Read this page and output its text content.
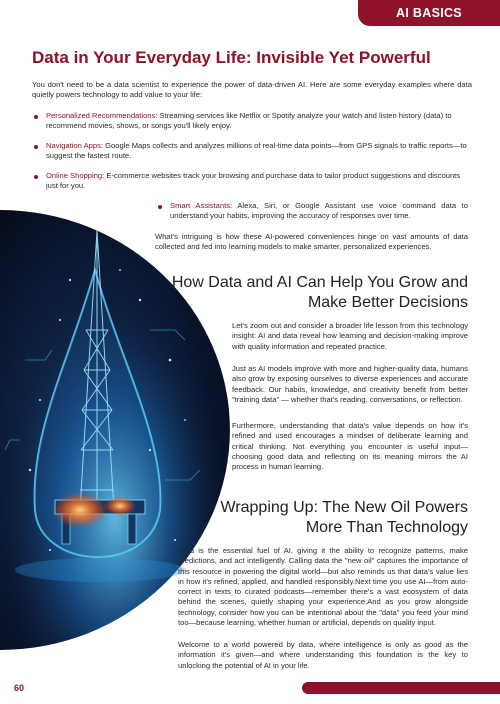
AI BASICS
Data in Your Everyday Life: Invisible Yet Powerful
You don't need to be a data scientist to experience the power of data-driven AI. Here are some everyday examples where data quietly powers technology to add value to your life:
Personalized Recommendations: Streaming services like Netflix or Spotify analyze your watch and listen history (data) to recommend movies, shows, or songs you'll likely enjoy.
Navigation Apps: Google Maps collects and analyzes millions of real-time data points—from GPS signals to traffic reports—to suggest the fastest route.
Online Shopping: E-commerce websites track your browsing and purchase data to tailor product suggestions and discounts just for you.
Smart Assistants: Alexa, Siri, or Google Assistant use voice command data to understand your habits, improving the accuracy of responses over time.
What's intriguing is how these AI-powered conveniences hinge on vast amounts of data collected and fed into learning models to make smarter, personalized experiences.
How Data and AI Can Help You Grow and
Make Better Decisions
Let's zoom out and consider a broader life lesson from this technology insight: AI and data reveal how learning and decision-making improve with quality information and repeated practice.
Just as AI models improve with more and higher-quality data, humans also grow by exposing ourselves to diverse experiences and accurate feedback. Our habits, knowledge, and creativity benefit from better "training data" — whether that's reading, conversations, or reflection.
Furthermore, understanding that data's value depends on how it's refined and used encourages a mindset of deliberate learning and critical thinking. Not everything you encounter is useful input—choosing good data and reflecting on its meaning mirrors the AI process in human learning.
Wrapping Up: The New Oil Powers
More Than Technology
Data is the essential fuel of AI, giving it the ability to recognize patterns, make predictions, and act intelligently. Calling data the "new oil" captures the importance of this resource in powering the digital world—but also reminds us that data's value lies in how it's refined, applied, and handled responsibly.Next time you use AI—from auto-correct in texts to curated podcasts—remember there's a vast ecosystem of data behind the scenes, quietly shaping your experience.And as you grow alongside technology, consider how you can be intentional about the "data" you feed your mind too—because learning, whether human or artificial, depends on quality input.
Welcome to a world powered by data, where intelligence is only as good as the information it's given—and where understanding this foundation is the key to unlocking the potential of AI in your life.
60
